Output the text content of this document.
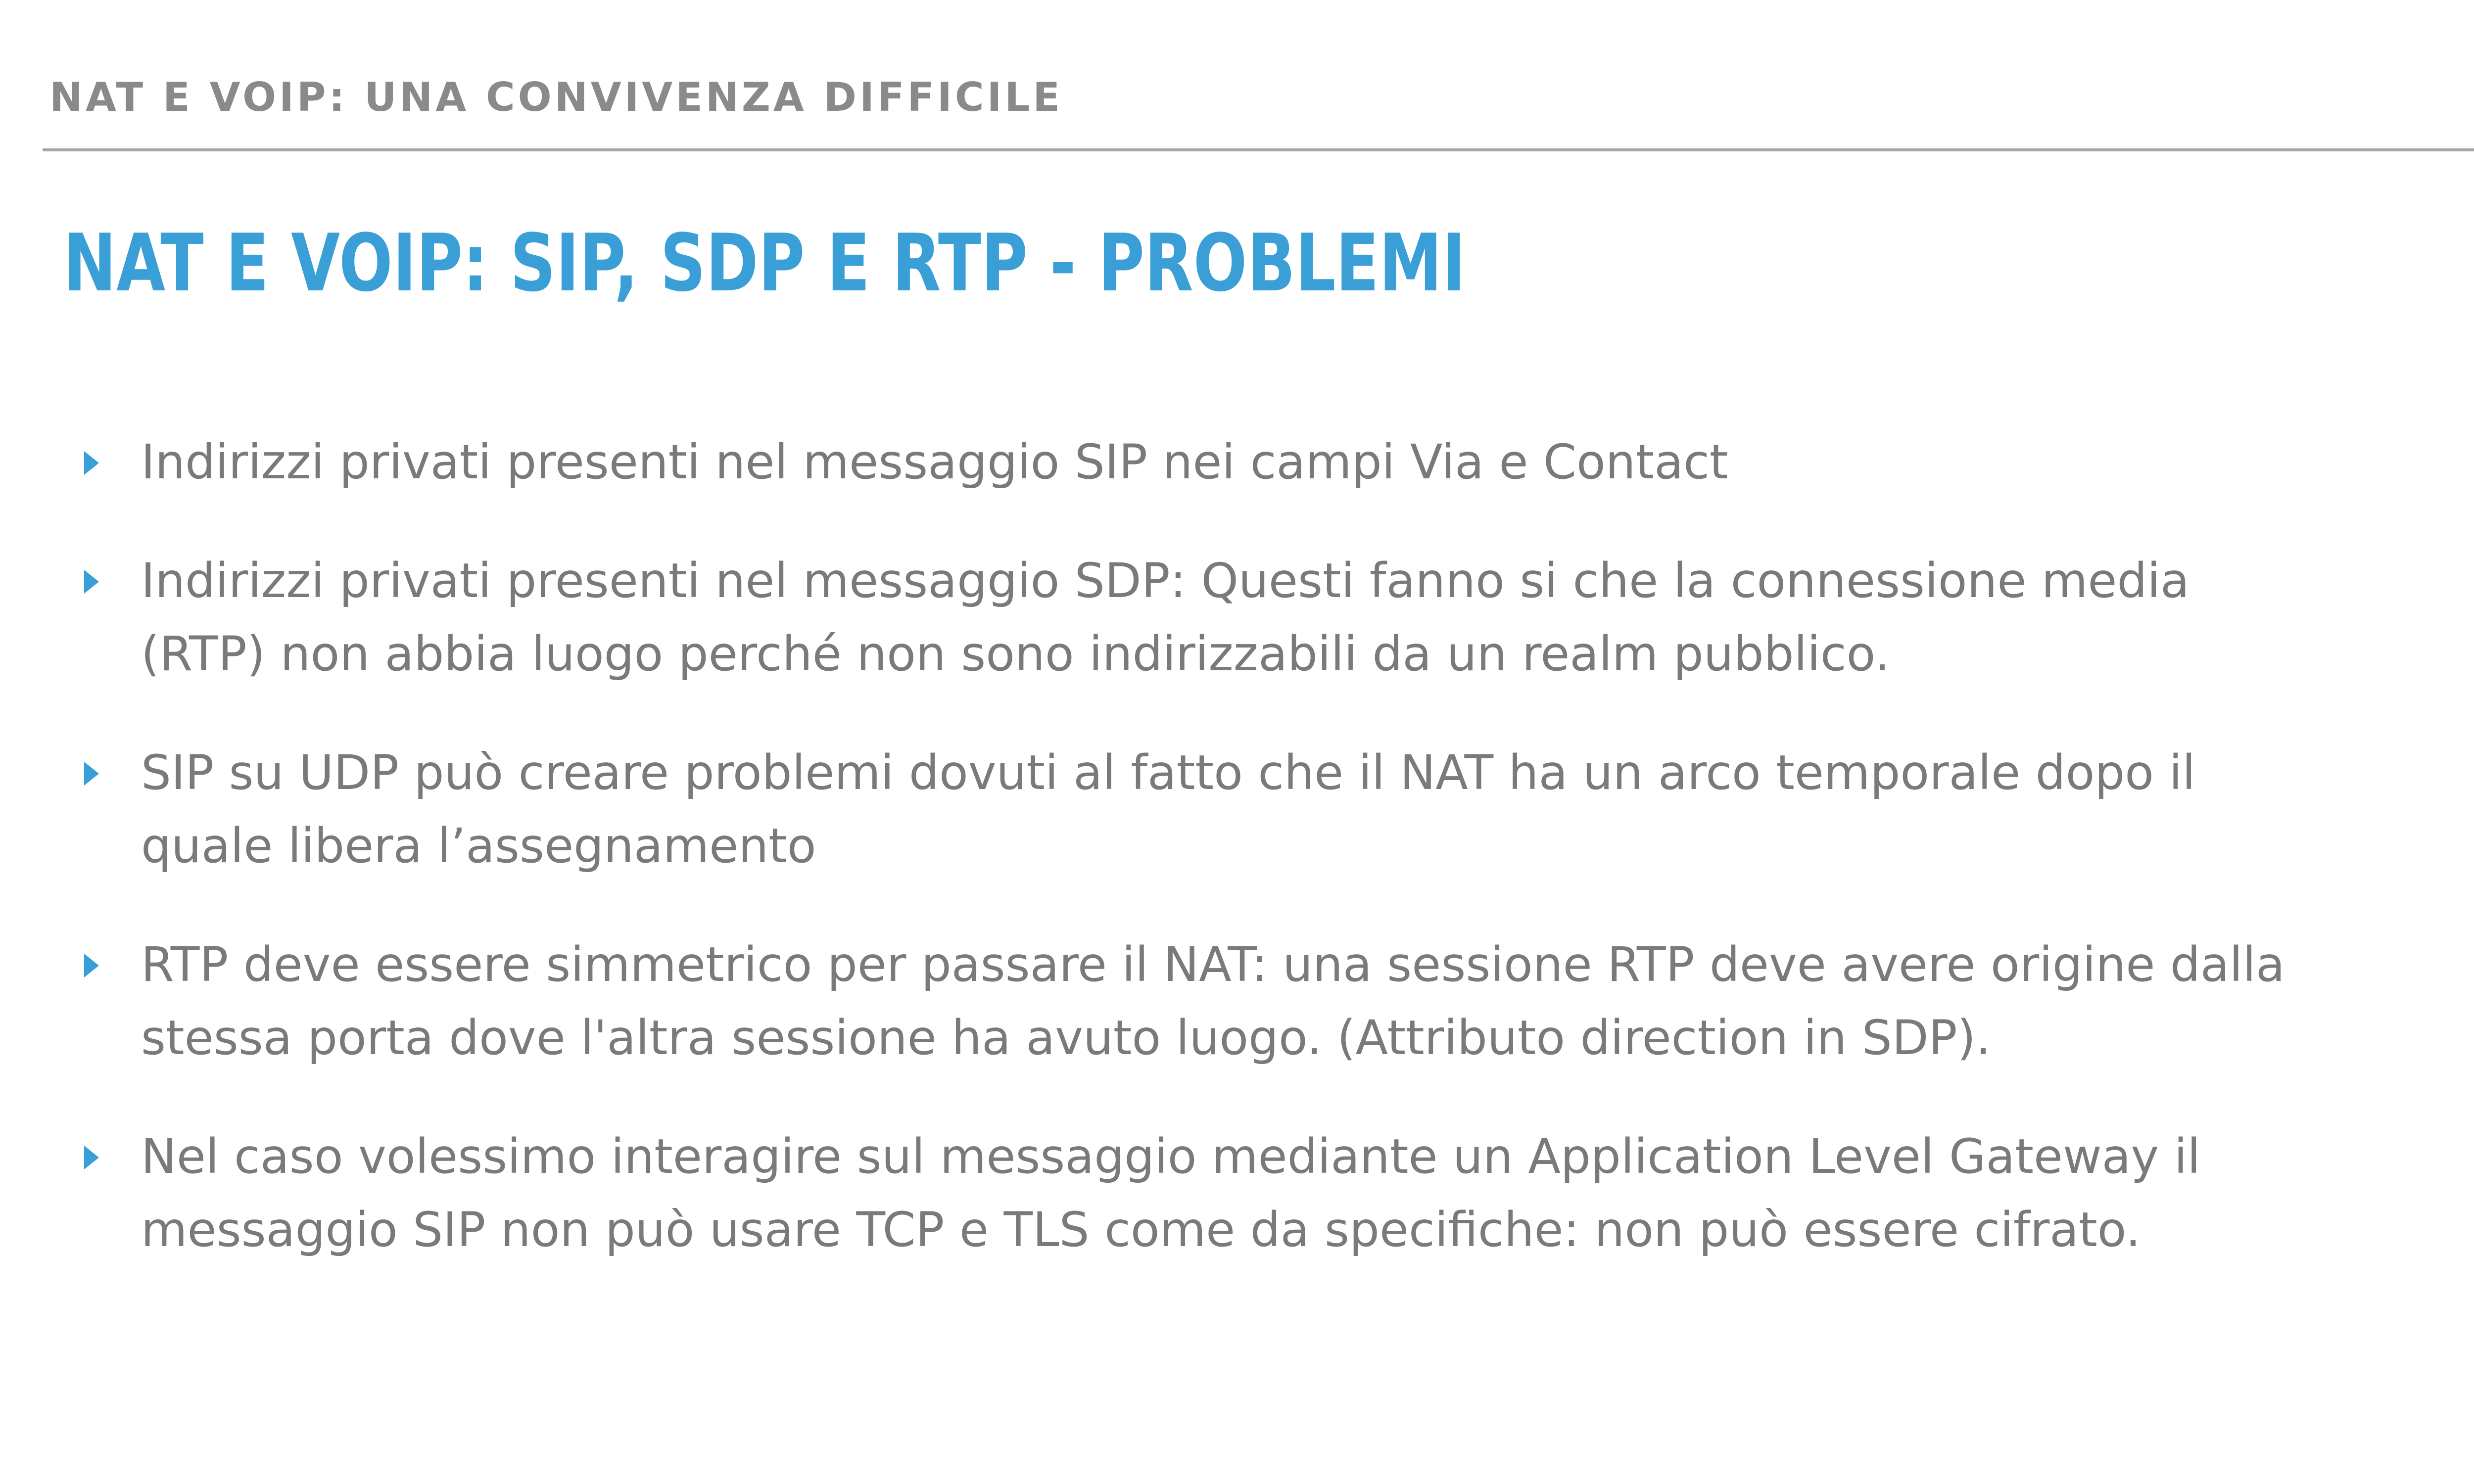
NAT E VOIP: UNA CONVIVENZA DIFFICILE
NAT E VOIP: SIP, SDP E RTP - PROBLEMI
Indirizzi privati presenti nel messaggio SIP nei campi Via e Contact
Indirizzi privati presenti nel messaggio SDP: Questi fanno si che la connessione media (RTP) non abbia luogo perché non sono indirizzabili da un realm pubblico.
SIP su UDP può creare problemi dovuti al fatto che il NAT ha un arco temporale dopo il quale libera l’assegnamento
RTP deve essere simmetrico per passare il NAT: una sessione RTP deve avere origine dalla stessa porta dove l'altra sessione ha avuto luogo. (Attributo direction in SDP).
Nel caso volessimo interagire sul messaggio mediante un Application Level Gateway il messaggio SIP non può usare TCP e TLS come da specifiche: non può essere cifrato.
